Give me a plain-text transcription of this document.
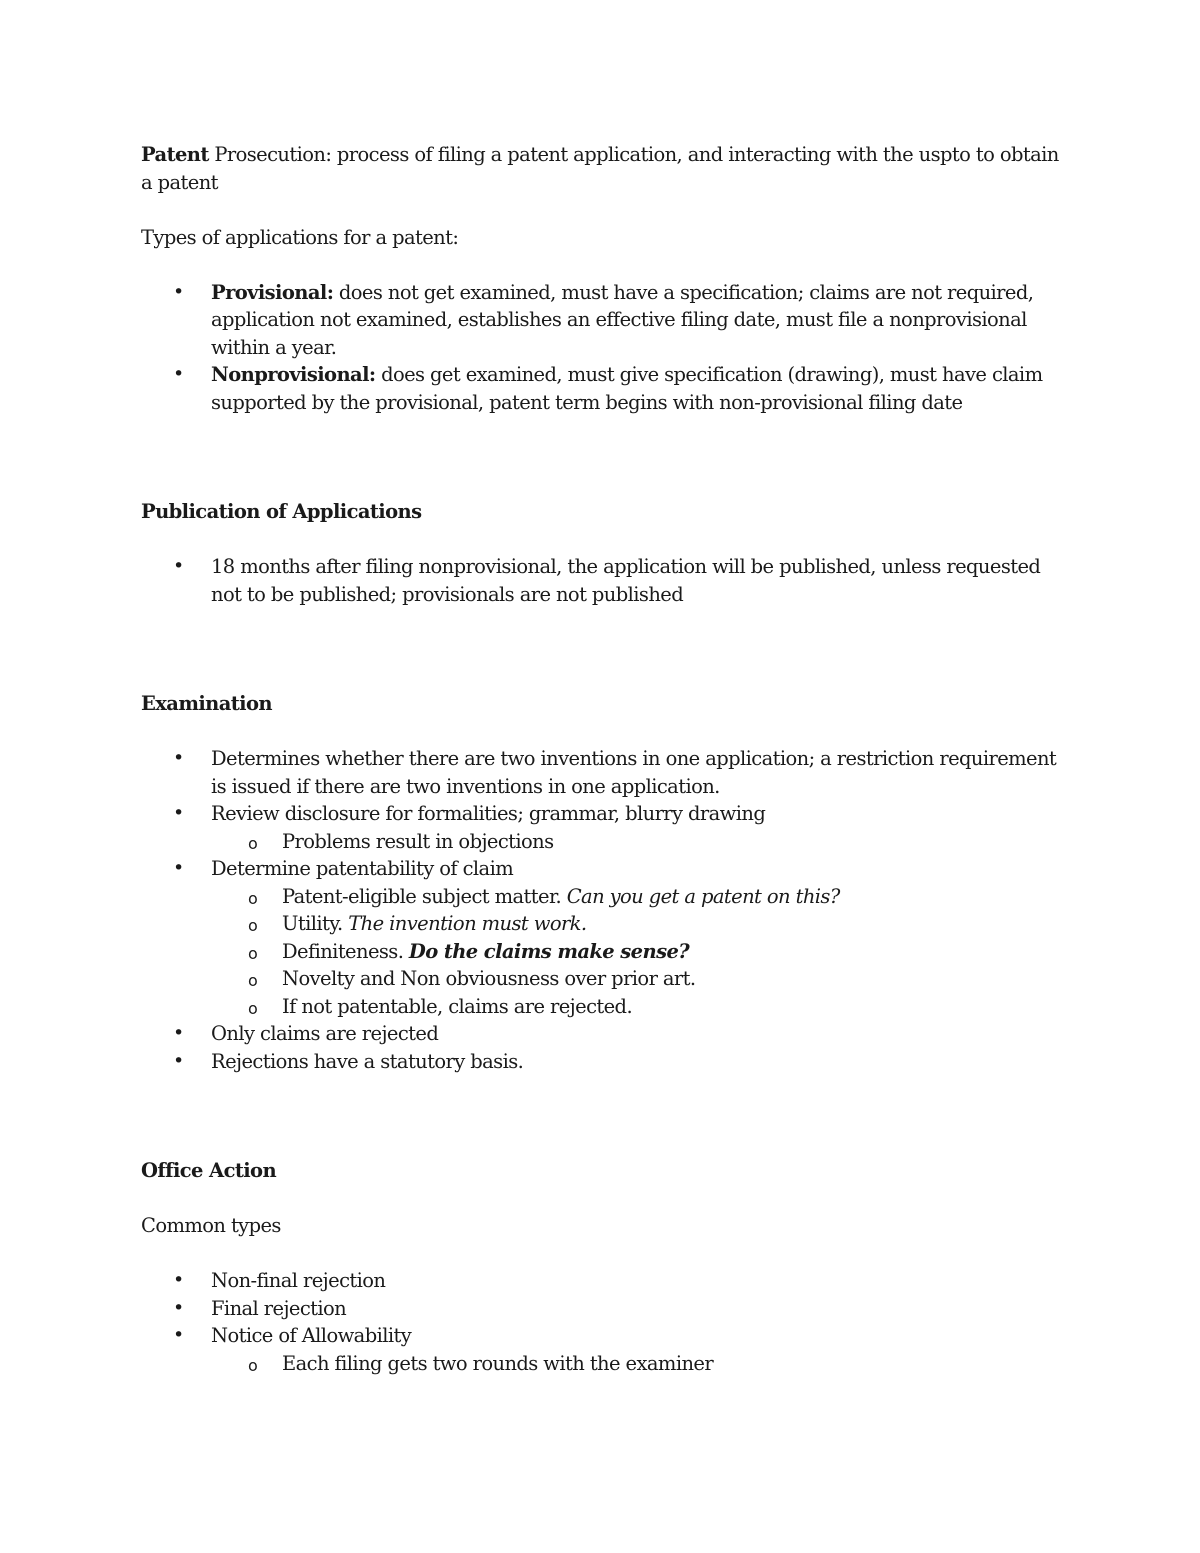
Patent Prosecution: process of filing a patent application, and interacting with the uspto to obtain a patent

Types of applications for a patent:

• Provisional: does not get examined, must have a specification; claims are not required, application not examined, establishes an effective filing date, must file a nonprovisional within a year.
• Nonprovisional: does get examined, must give specification (drawing), must have claim supported by the provisional, patent term begins with non-provisional filing date

Publication of Applications

• 18 months after filing nonprovisional, the application will be published, unless requested not to be published; provisionals are not published

Examination

• Determines whether there are two inventions in one application; a restriction requirement is issued if there are two inventions in one application.
• Review disclosure for formalities; grammar, blurry drawing
o Problems result in objections
• Determine patentability of claim
o Patent-eligible subject matter. Can you get a patent on this?
o Utility. The invention must work.
o Definiteness. Do the claims make sense?
o Novelty and Non obviousness over prior art.
o If not patentable, claims are rejected.
• Only claims are rejected
• Rejections have a statutory basis.

Office Action

Common types

• Non-final rejection
• Final rejection
• Notice of Allowability
o Each filing gets two rounds with the examiner
